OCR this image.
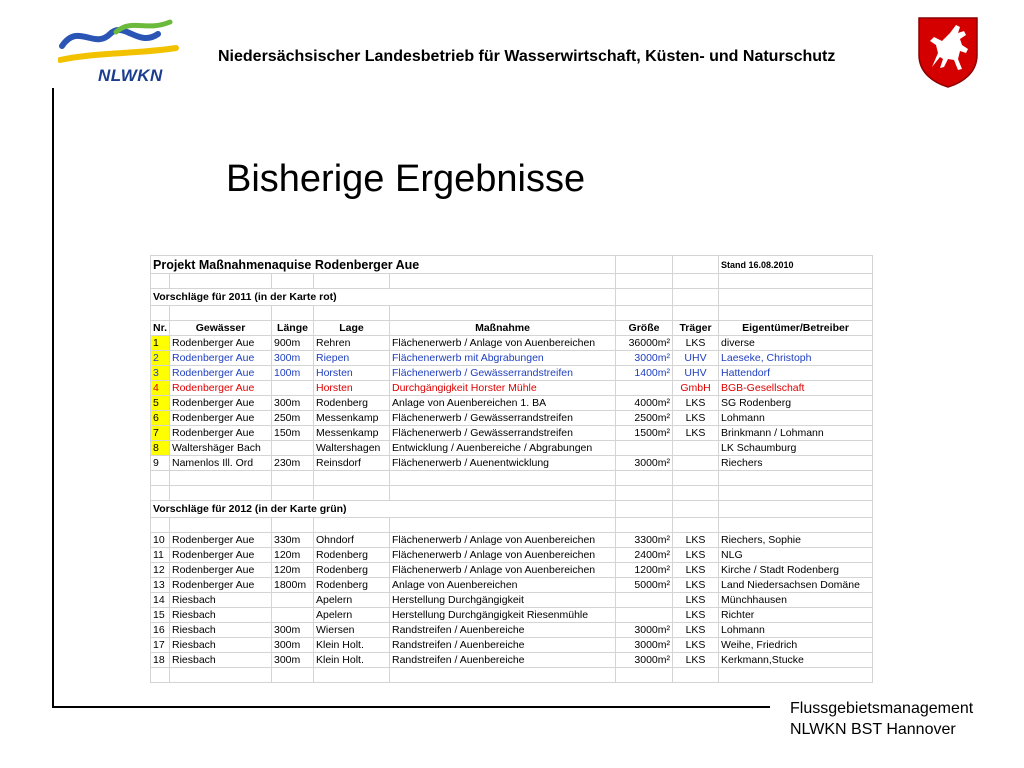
NLWKN
Niedersächsischer Landesbetrieb für Wasserwirtschaft, Küsten- und Naturschutz
Bisherige Ergebnisse
Projekt Maßnahmenaquise Rodenberger Aue							Stand 16.08.2010

Vorschläge für 2011 (in der Karte rot)							

Nr.	Gewässer	Länge	Lage	Maßnahme	Größe	Träger	Eigentümer/Betreiber
1	Rodenberger Aue	900m	Rehren	Flächenerwerb / Anlage von Auenbereichen	36000m²	LKS	diverse
2	Rodenberger Aue	300m	Riepen	Flächenerwerb mit Abgrabungen	3000m²	UHV	Laeseke, Christoph
3	Rodenberger Aue	100m	Horsten	Flächenerwerb / Gewässerrandstreifen	1400m²	UHV	Hattendorf
4	Rodenberger Aue		Horsten	Durchgängigkeit Horster Mühle		GmbH	BGB-Gesellschaft
5	Rodenberger Aue	300m	Rodenberg	Anlage von Auenbereichen 1. BA	4000m²	LKS	SG Rodenberg
6	Rodenberger Aue	250m	Messenkamp	Flächenerwerb / Gewässerrandstreifen	2500m²	LKS	Lohmann
7	Rodenberger Aue	150m	Messenkamp	Flächenerwerb / Gewässerrandstreifen	1500m²	LKS	Brinkmann / Lohmann
8	Waltershäger Bach		Waltershagen	Entwicklung / Auenbereiche / Abgrabungen			LK Schaumburg
9	Namenlos Ill. Ord	230m	Reinsdorf	Flächenerwerb / Auenentwicklung	3000m²		Riechers

Vorschläge für 2012 (in der Karte grün)							

10	Rodenberger Aue	330m	Ohndorf	Flächenerwerb / Anlage von Auenbereichen	3300m²	LKS	Riechers, Sophie
11	Rodenberger Aue	120m	Rodenberg	Flächenerwerb / Anlage von Auenbereichen	2400m²	LKS	NLG
12	Rodenberger Aue	120m	Rodenberg	Flächenerwerb / Anlage von Auenbereichen	1200m²	LKS	Kirche / Stadt Rodenberg
13	Rodenberger Aue	1800m	Rodenberg	Anlage von Auenbereichen	5000m²	LKS	Land Niedersachsen Domäne
14	Riesbach		Apelern	Herstellung Durchgängigkeit		LKS	Münchhausen
15	Riesbach		Apelern	Herstellung Durchgängigkeit Riesenmühle		LKS	Richter
16	Riesbach	300m	Wiersen	Randstreifen / Auenbereiche	3000m²	LKS	Lohmann
17	Riesbach	300m	Klein Holt.	Randstreifen / Auenbereiche	3000m²	LKS	Weihe, Friedrich
18	Riesbach	300m	Klein Holt.	Randstreifen / Auenbereiche	3000m²	LKS	Kerkmann,Stucke

Flussgebietsmanagement
NLWKN BST Hannover
